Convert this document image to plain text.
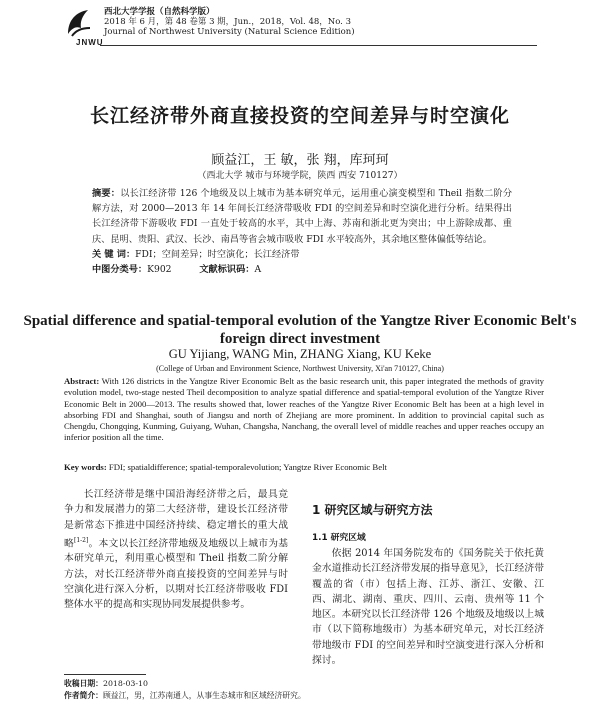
JNWU
西北大学学报（自然科学版）
2018 年 6 月，第 48 卷第 3 期，Jun.，2018，Vol. 48，No. 3
Journal of Northwest University (Natural Science Edition)
长江经济带外商直接投资的空间差异与时空演化
顾益江，王 敏，张 翔，库珂珂
（西北大学 城市与环境学院，陕西 西安 710127）
摘要：以长江经济带 126 个地级及以上城市为基本研究单元，运用重心演变模型和 Theil 指数二阶分解方法，对 2000—2013 年 14 年间长江经济带吸收 FDI 的空间差异和时空演化进行分析。结果得出长江经济带下游吸收 FDI 一直处于较高的水平，其中上海、苏南和浙北更为突出；中上游除成都、重庆、昆明、贵阳、武汉、长沙、南昌等省会城市吸收 FDI 水平较高外，其余地区整体偏低等结论。
关 键 词：FDI；空间差异；时空演化；长江经济带
中图分类号：K902	文献标识码：A
Spatial difference and spatial-temporal evolution of the Yangtze River Economic Belt's foreign direct investment
GU Yijiang, WANG Min, ZHANG Xiang, KU Keke
(College of Urban and Environment Science, Northwest University, Xi'an 710127, China)
Abstract: With 126 districts in the Yangtze River Economic Belt as the basic research unit, this paper integrated the methods of gravity evolution model, two-stage nested Theil decomposition to analyze spatial difference and spatial-temporal evolution of the Yangtze River Economic Belt in 2000—2013. The results showed that, lower reaches of the Yangtze River Economic Belt has been at a high level in absorbing FDI and Shanghai, south of Jiangsu and north of Zhejiang are more prominent. In addition to provincial capital such as Chengdu, Chongqing, Kunming, Guiyang, Wuhan, Changsha, Nanchang, the overall level of middle reaches and upper reaches occupy an inferior position all the time.
Key words: FDI; spatialdifference; spatial-temporalevolution; Yangtze River Economic Belt
长江经济带是继中国沿海经济带之后，最具竞争力和发展潜力的第二大经济带，建设长江经济带是新常态下推进中国经济持续、稳定增长的重大战略[1-2]。本文以长江经济带地级及地级以上城市为基本研究单元，利用重心模型和 Theil 指数二阶分解方法，对长江经济带外商直接投资的空间差异与时空演化进行深入分析，以期对长江经济带吸收 FDI 整体水平的提高和实现协同发展提供参考。
1 研究区域与研究方法
1.1 研究区域
依据 2014 年国务院发布的《国务院关于依托黄金水道推动长江经济带发展的指导意见》，长江经济带覆盖的省（市）包括上海、江苏、浙江、安徽、江西、湖北、湖南、重庆、四川、云南、贵州等 11 个地区。本研究以长江经济带 126 个地级及地级以上城市（以下简称地级市）为基本研究单元，对长江经济带地级市 FDI 的空间差异和时空演变进行深入分析和探讨。
收稿日期：2018-03-10
作者简介：顾益江，男，江苏南通人，从事生态城市和区域经济研究。
